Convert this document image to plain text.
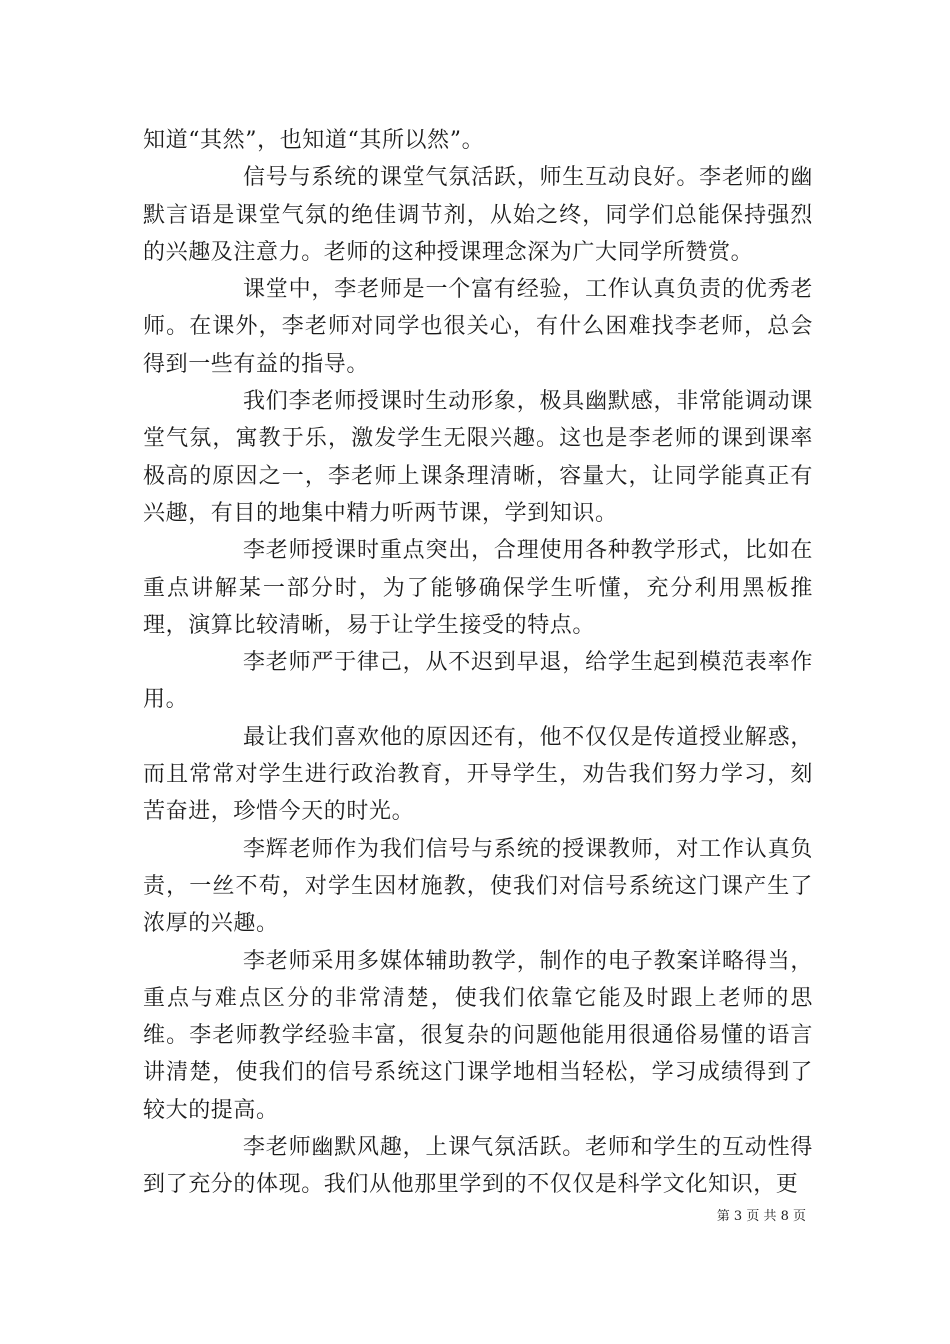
知道“其然”，也知道“其所以然”。

信号与系统的课堂气氛活跃，师生互动良好。李老师的幽默言语是课堂气氛的绝佳调节剂，从始之终，同学们总能保持强烈的兴趣及注意力。老师的这种授课理念深为广大同学所赞赏。

课堂中，李老师是一个富有经验，工作认真负责的优秀老师。在课外，李老师对同学也很关心，有什么困难找李老师，总会得到一些有益的指导。

我们李老师授课时生动形象，极具幽默感，非常能调动课堂气氛，寓教于乐，激发学生无限兴趣。这也是李老师的课到课率极高的原因之一，李老师上课条理清晰，容量大，让同学能真正有兴趣，有目的地集中精力听两节课，学到知识。

李老师授课时重点突出，合理使用各种教学形式，比如在重点讲解某一部分时，为了能够确保学生听懂，充分利用黑板推理，演算比较清晰，易于让学生接受的特点。

李老师严于律己，从不迟到早退，给学生起到模范表率作用。

最让我们喜欢他的原因还有，他不仅仅是传道授业解惑，而且常常对学生进行政治教育，开导学生，劝告我们努力学习，刻苦奋进，珍惜今天的时光。

李辉老师作为我们信号与系统的授课教师，对工作认真负责，一丝不苟，对学生因材施教，使我们对信号系统这门课产生了浓厚的兴趣。

李老师采用多媒体辅助教学，制作的电子教案详略得当，重点与难点区分的非常清楚，使我们依靠它能及时跟上老师的思维。李老师教学经验丰富，很复杂的问题他能用很通俗易懂的语言讲清楚，使我们的信号系统这门课学地相当轻松，学习成绩得到了较大的提高。

李老师幽默风趣，上课气氛活跃。老师和学生的互动性得到了充分的体现。我们从他那里学到的不仅仅是科学文化知识，更

第 3 页 共 8 页
